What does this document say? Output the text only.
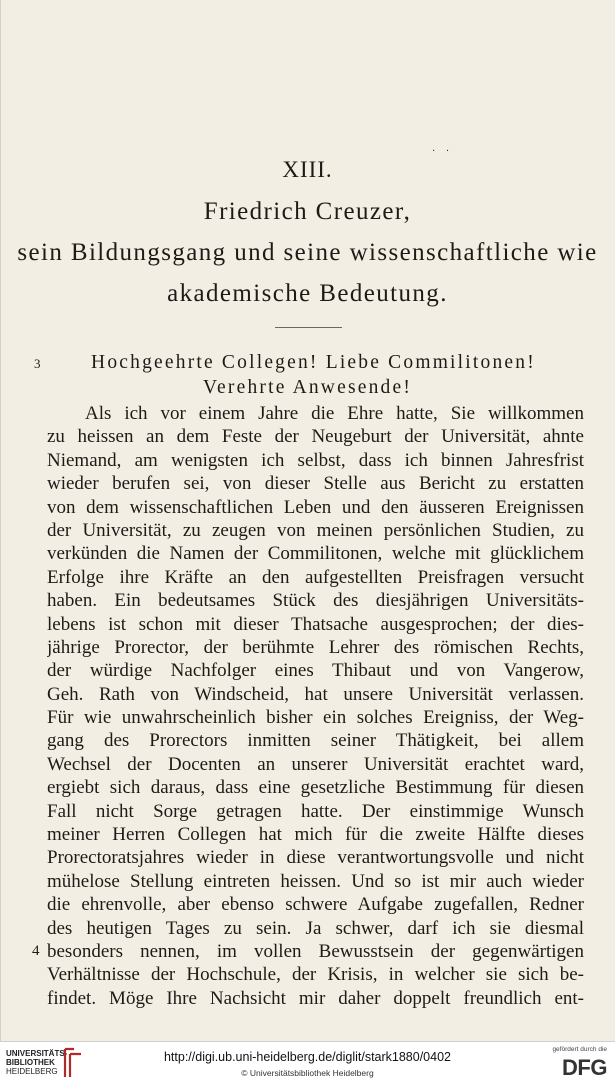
· ·
XIII.
Friedrich Creuzer,
sein Bildungsgang und seine wissenschaftliche wie
akademische Bedeutung.
3	Hochgeehrte Collegen! Liebe Commilitonen!
Verehrte Anwesende!
4
Als ich vor einem Jahre die Ehre hatte, Sie willkommen
zu heissen an dem Feste der Neugeburt der Universität, ahnte
Niemand, am wenigsten ich selbst, dass ich binnen Jahresfrist
wieder berufen sei, von dieser Stelle aus Bericht zu erstatten
von dem wissenschaftlichen Leben und den äusseren Ereignissen
der Universität, zu zeugen von meinen persönlichen Studien, zu
verkünden die Namen der Commilitonen, welche mit glücklichem
Erfolge ihre Kräfte an den aufgestellten Preisfragen versucht
haben. Ein bedeutsames Stück des diesjährigen Universitäts-
lebens ist schon mit dieser Thatsache ausgesprochen; der dies-
jährige Prorector, der berühmte Lehrer des römischen Rechts,
der würdige Nachfolger eines Thibaut und von Vangerow,
Geh. Rath von Windscheid, hat unsere Universität verlassen.
Für wie unwahrscheinlich bisher ein solches Ereigniss, der Weg-
gang des Prorectors inmitten seiner Thätigkeit, bei allem
Wechsel der Docenten an unserer Universität erachtet ward,
ergiebt sich daraus, dass eine gesetzliche Bestimmung für diesen
Fall nicht Sorge getragen hatte. Der einstimmige Wunsch
meiner Herren Collegen hat mich für die zweite Hälfte dieses
Prorectoratsjahres wieder in diese verantwortungsvolle und nicht
mühelose Stellung eintreten heissen. Und so ist mir auch wieder
die ehrenvolle, aber ebenso schwere Aufgabe zugefallen, Redner
des heutigen Tages zu sein. Ja schwer, darf ich sie diesmal
besonders nennen, im vollen Bewusstsein der gegenwärtigen
Verhältnisse der Hochschule, der Krisis, in welcher sie sich be-
findet. Möge Ihre Nachsicht mir daher doppelt freundlich ent-
UNIVERSITÄTS-
BIBLIOTHEK
HEIDELBERG
http://digi.ub.uni-heidelberg.de/diglit/stark1880/0402
© Universitätsbibliothek Heidelberg
gefördert durch die
DFG
